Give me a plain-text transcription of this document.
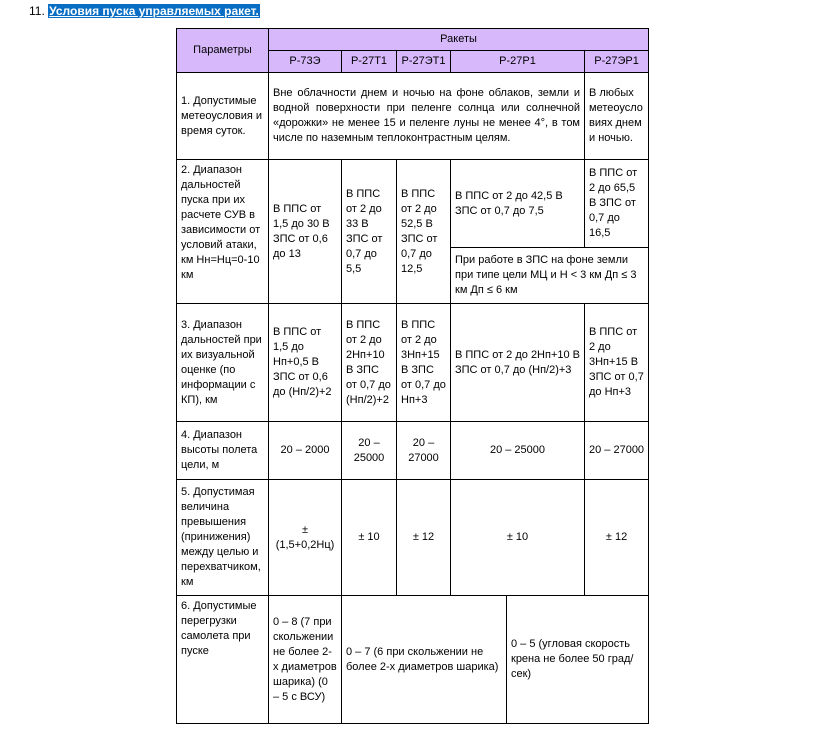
11. Условия пуска управляемых ракет.
Параметры	Ракеты					
	Р-73Э	Р-27Т1	Р-27ЭТ1	Р-27Р1		Р-27ЭР1
1. Допустимые метеоусловия и время суток.	Вне облачности днем и ночью на фоне облаков, земли и водной поверхности при пеленге солнца или солнечной «дорожки» не менее 15 и пеленге луны не менее 4°, в том числе по наземным теплоконтрастным целям.					В любых метеоусловиях днем и ночью.
2. Диапазон дальностей пуска при их расчете СУВ в зависимости от условий атаки, км Нн=Нц=0-10 км	В ППС от 1,5 до 30 В ЗПС от 0,6 до 13	В ППС от 2 до 33 В ЗПС от 0,7 до 5,5	В ППС от 2 до 52,5 В ЗПС от 0,7 до 12,5	В ППС от 2 до 42,5 В ЗПС от 0,7 до 7,5		В ППС от 2 до 65,5 В ЗПС от 0,7 до 16,5
				При работе в ЗПС на фоне земли при типе цели МЦ и Н < 3 км Дп ≤ 3 км Дп ≤ 6 км		
3. Диапазон дальностей при их визуальной оценке (по информации с КП), км	В ППС от 1,5 до Нп+0,5 В ЗПС от 0,6 до (Нп/2)+2	В ППС от 2 до 2Нп+10 В ЗПС от 0,7 до (Нп/2)+2	В ППС от 2 до 3Нп+15 В ЗПС от 0,7 до Нп+3	В ППС от 2 до 2Нп+10 В ЗПС от 0,7 до (Нп/2)+3		В ППС от 2 до 3Нп+15 В ЗПС от 0,7 до Нп+3
4. Диапазон высоты полета цели, м	20 – 2000	20 – 25000	20 – 27000	20 – 25000		20 – 27000
5. Допустимая величина превышения (принижения) между целью и перехватчиком, км	± (1,5+0,2Нц)	± 10	± 12	± 10		± 12
6. Допустимые перегрузки самолета при пуске	0 – 8 (7 при скольжении не более 2-х диаметров шарика) (0 – 5 с ВСУ)	0 – 7 (6 при скольжении не более 2-х диаметров шарика)			0 – 5 (угловая скорость крена не более 50 град/сек)	
